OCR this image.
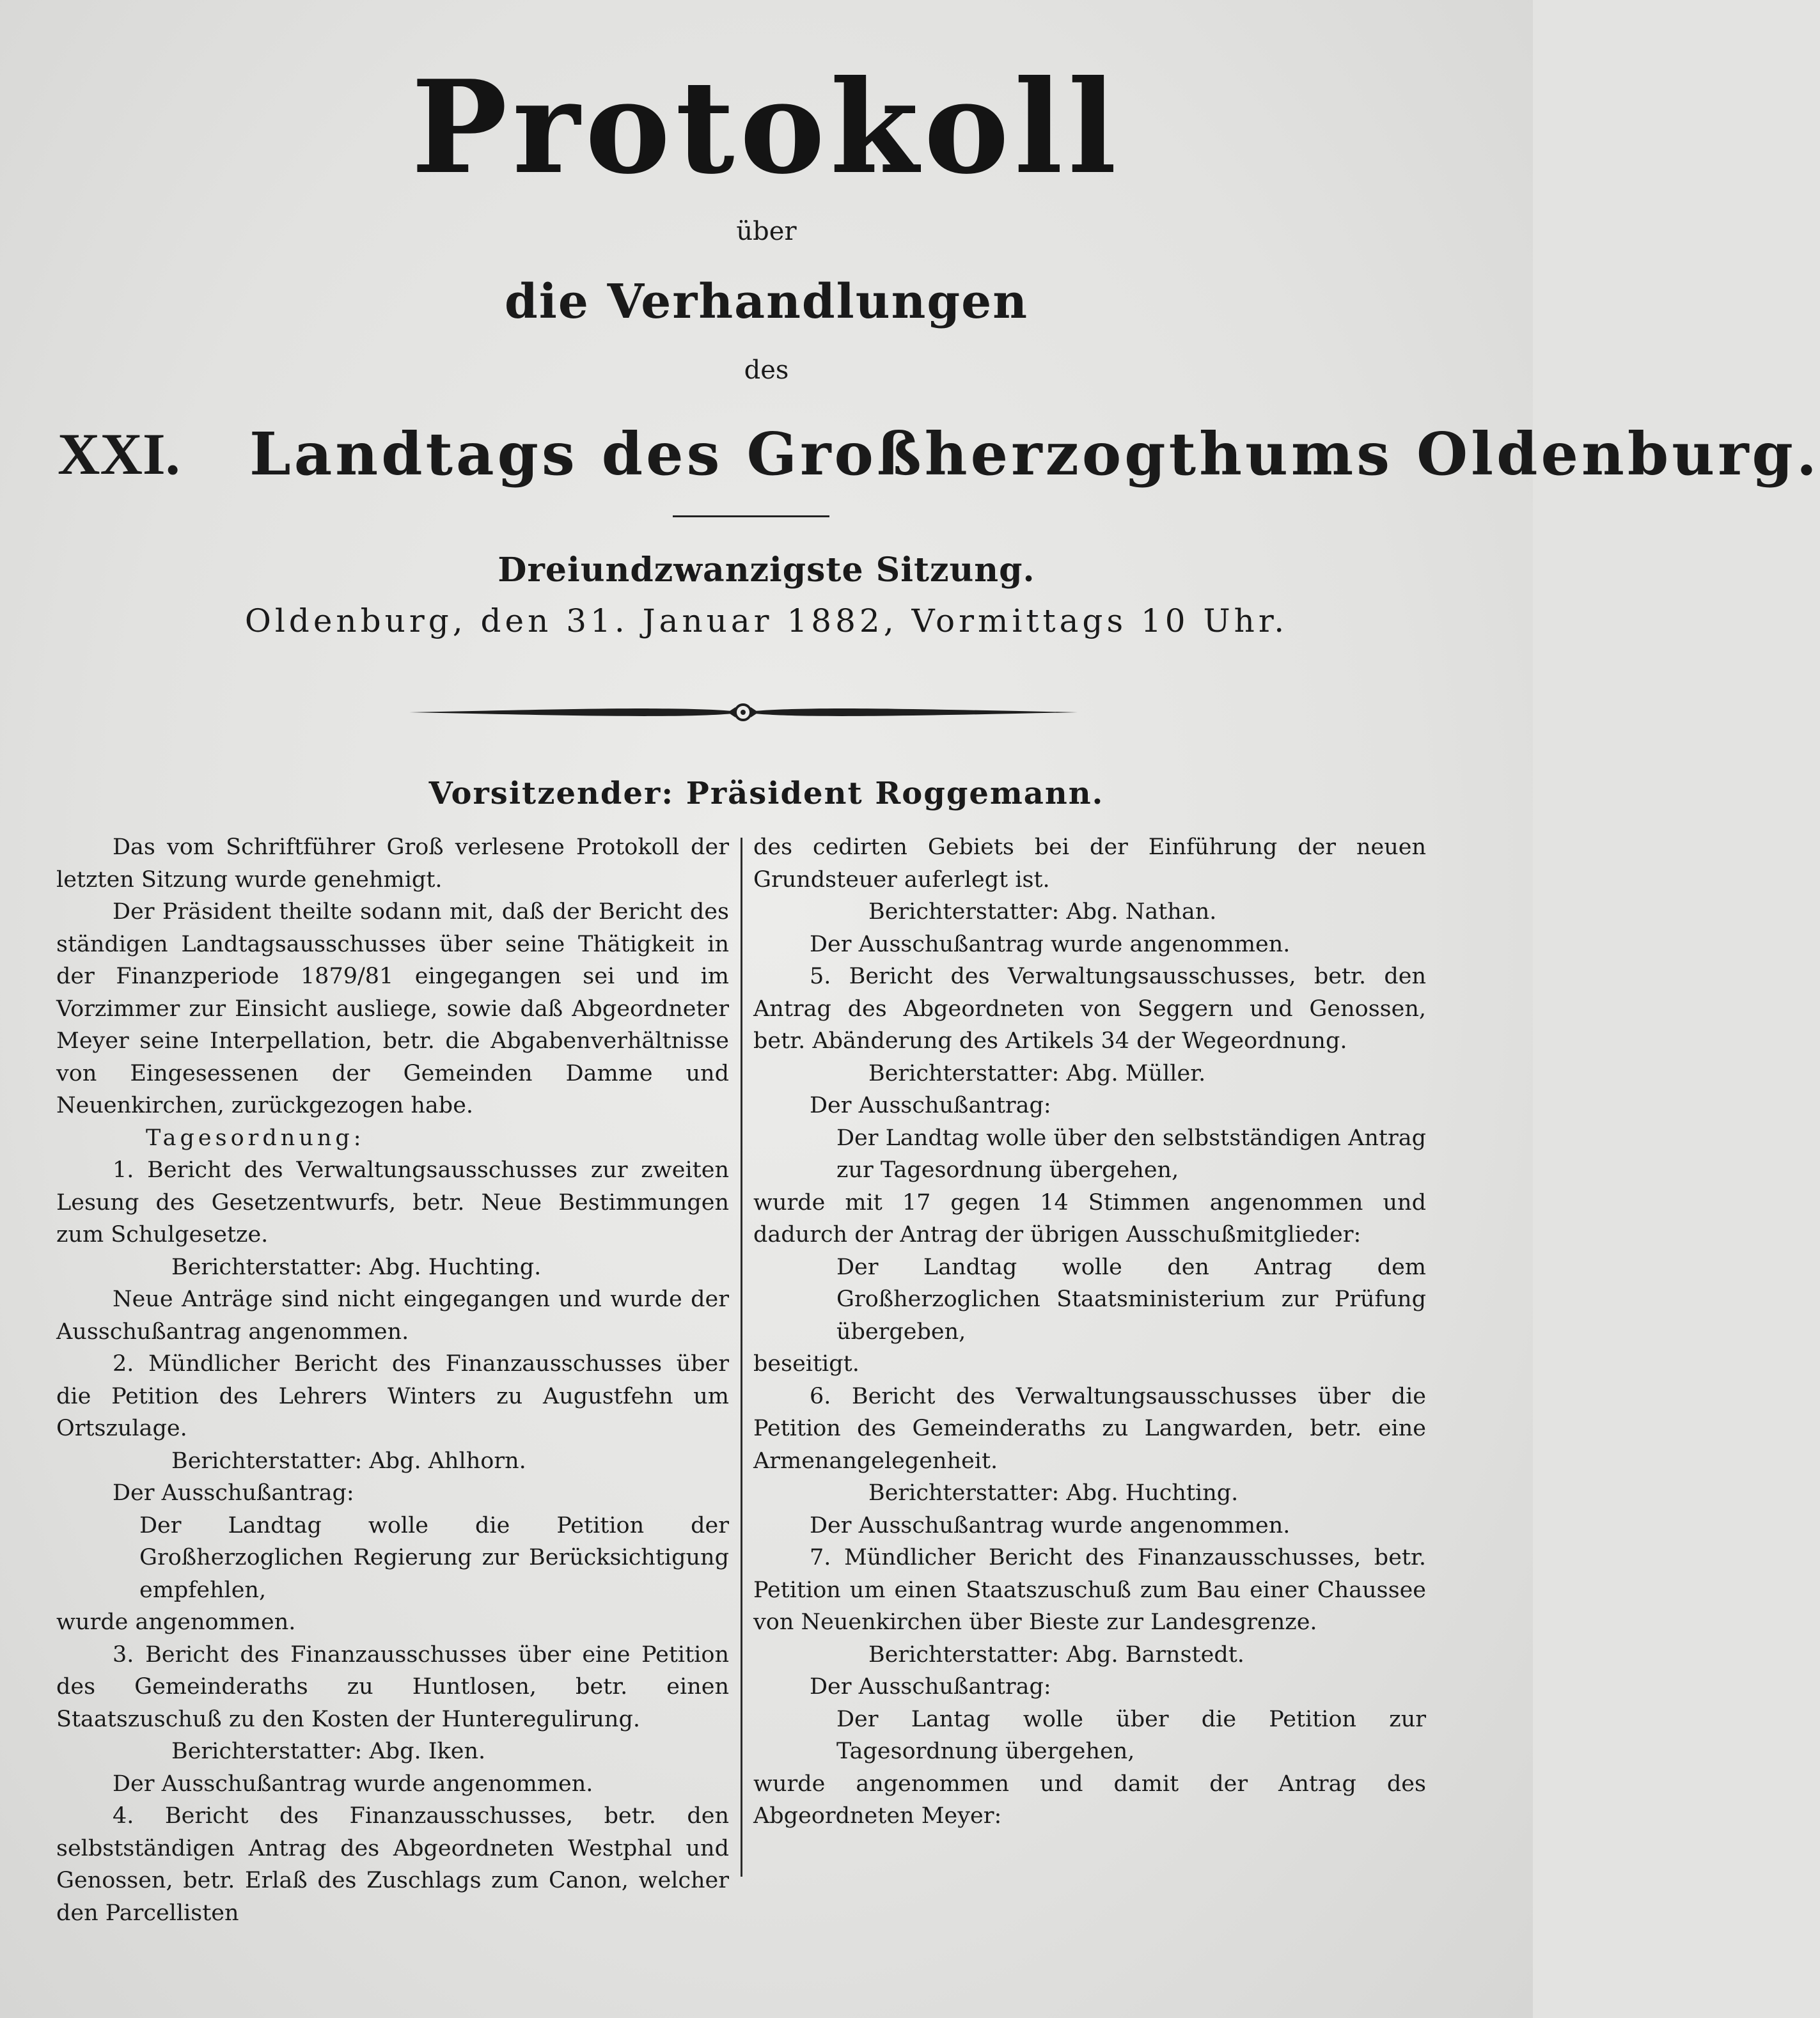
Protokoll
über
die Verhandlungen
des
XXI. Landtags des Großherzogthums Oldenburg.
Dreiundzwanzigste Sitzung.
Oldenburg, den 31. Januar 1882, Vormittags 10 Uhr.
Vorsitzender: Präsident Roggemann.

Das vom Schriftführer Groß verlesene Protokoll der letzten Sitzung wurde genehmigt.

Der Präsident theilte sodann mit, daß der Bericht des ständigen Landtagsausschusses über seine Thätigkeit in der Finanzperiode 1879/81 eingegangen sei und im Vorzimmer zur Einsicht ausliege, sowie daß Abgeordneter Meyer seine Interpellation, betr. die Abgabenverhältnisse von Eingesessenen der Gemeinden Damme und Neuenkirchen, zurückgezogen habe.

Tagesordnung:

1. Bericht des Verwaltungsausschusses zur zweiten Lesung des Gesetzentwurfs, betr. Neue Bestimmungen zum Schulgesetze.

Berichterstatter: Abg. Huchting.

Neue Anträge sind nicht eingegangen und wurde der Ausschußantrag angenommen.

2. Mündlicher Bericht des Finanzausschusses über die Petition des Lehrers Winters zu Augustfehn um Ortszulage.

Berichterstatter: Abg. Ahlhorn.

Der Ausschußantrag:

Der Landtag wolle die Petition der Großherzoglichen Regierung zur Berücksichtigung empfehlen,

wurde angenommen.

3. Bericht des Finanzausschusses über eine Petition des Gemeinderaths zu Huntlosen, betr. einen Staatszuschuß zu den Kosten der Hunteregulirung.

Berichterstatter: Abg. Iken.

Der Ausschußantrag wurde angenommen.

4. Bericht des Finanzausschusses, betr. den selbstständigen Antrag des Abgeordneten Westphal und Genossen, betr. Erlaß des Zuschlags zum Canon, welcher den Parcellisten

des cedirten Gebiets bei der Einführung der neuen Grundsteuer auferlegt ist.

Berichterstatter: Abg. Nathan.

Der Ausschußantrag wurde angenommen.

5. Bericht des Verwaltungsausschusses, betr. den Antrag des Abgeordneten von Seggern und Genossen, betr. Abänderung des Artikels 34 der Wegeordnung.

Berichterstatter: Abg. Müller.

Der Ausschußantrag:

Der Landtag wolle über den selbstständigen Antrag zur Tagesordnung übergehen,

wurde mit 17 gegen 14 Stimmen angenommen und dadurch der Antrag der übrigen Ausschußmitglieder:

Der Landtag wolle den Antrag dem Großherzoglichen Staatsministerium zur Prüfung übergeben,

beseitigt.

6. Bericht des Verwaltungsausschusses über die Petition des Gemeinderaths zu Langwarden, betr. eine Armenangelegenheit.

Berichterstatter: Abg. Huchting.

Der Ausschußantrag wurde angenommen.

7. Mündlicher Bericht des Finanzausschusses, betr. Petition um einen Staatszuschuß zum Bau einer Chaussee von Neuenkirchen über Bieste zur Landesgrenze.

Berichterstatter: Abg. Barnstedt.

Der Ausschußantrag:

Der Lantag wolle über die Petition zur Tagesordnung übergehen,

wurde angenommen und damit der Antrag des Abgeordneten Meyer:
